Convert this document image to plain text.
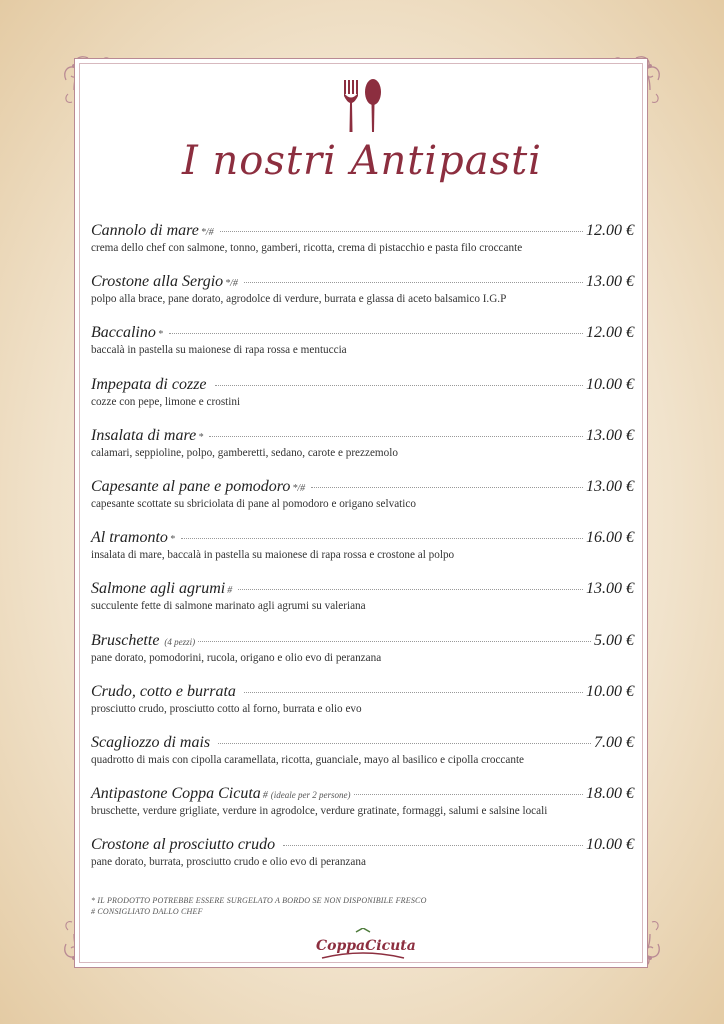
I nostri Antipasti
Cannolo di mare */#	12.00 €
crema dello chef con salmone, tonno, gamberi, ricotta, crema di pistacchio e pasta filo croccante
Crostone alla Sergio */#	13.00 €
polpo alla brace, pane dorato, agrodolce di verdure, burrata e glassa di aceto balsamico I.G.P
Baccalino *	12.00 €
baccalà in pastella su maionese di rapa rossa e mentuccia
Impepata di cozze	10.00 €
cozze con pepe, limone e crostini
Insalata di mare *	13.00 €
calamari, seppioline, polpo, gamberetti, sedano, carote e prezzemolo
Capesante al pane e pomodoro */#	13.00 €
capesante scottate su sbriciolata di pane al pomodoro e origano selvatico
Al tramonto *	16.00 €
insalata di mare, baccalà in pastella su maionese di rapa rossa e crostone al polpo
Salmone agli agrumi #	13.00 €
succulente fette di salmone marinato agli agrumi su valeriana
Bruschette (4 pezzi)	5.00 €
pane dorato, pomodorini, rucola, origano e olio evo di peranzana
Crudo, cotto e burrata	10.00 €
prosciutto crudo, prosciutto cotto al forno, burrata e olio evo
Scagliozzo di mais	7.00 €
quadrotto di mais con cipolla caramellata, ricotta, guanciale, mayo al basilico e cipolla croccante
Antipastone Coppa Cicuta # (ideale per 2 persone)	18.00 €
bruschette, verdure grigliate, verdure in agrodolce, verdure gratinate, formaggi, salumi e salsine locali
Crostone al prosciutto crudo	10.00 €
pane dorato, burrata, prosciutto crudo e olio evo di peranzana
* IL PRODOTTO POTREBBE ESSERE SURGELATO A BORDO SE NON DISPONIBILE FRESCO
# CONSIGLIATO DALLO CHEF
CoppaCicuta
